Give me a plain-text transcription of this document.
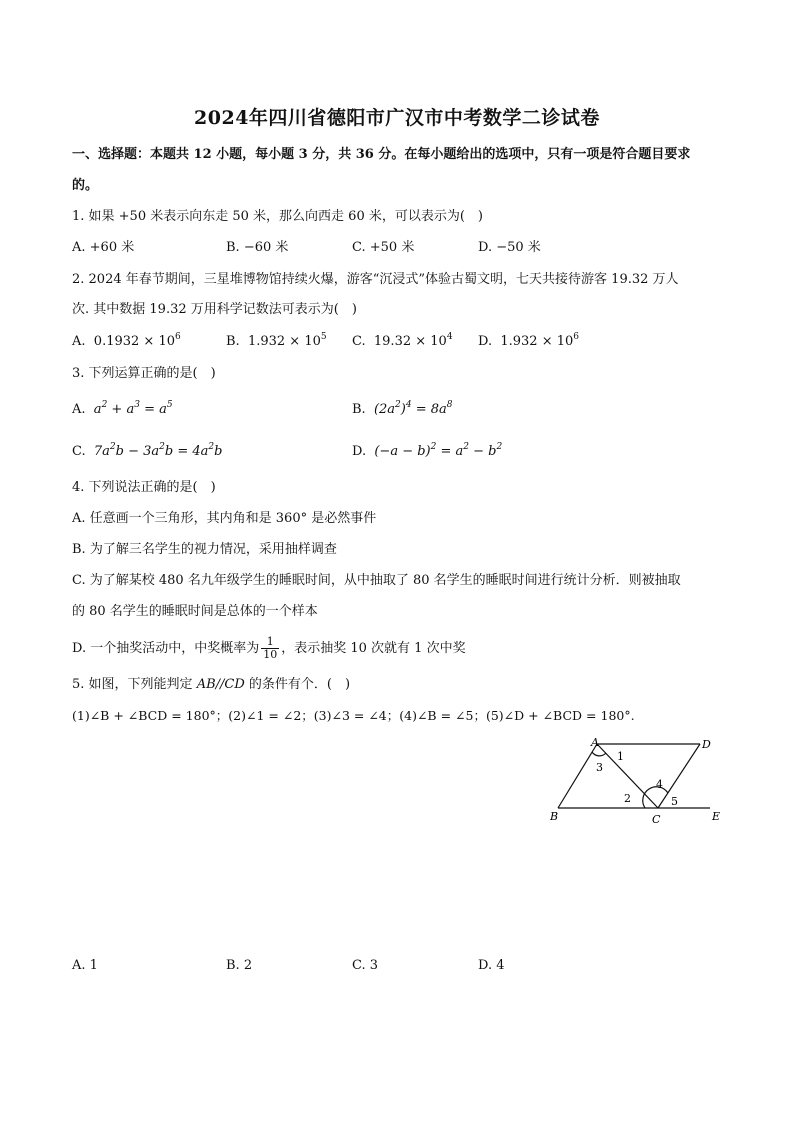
2024年四川省德阳市广汉市中考数学二诊试卷
一、选择题：本题共 12 小题，每小题 3 分，共 36 分。在每小题给出的选项中，只有一项是符合题目要求
的。
1. 如果 +50 米表示向东走 50 米，那么向西走 60 米，可以表示为(　)
A. +60 米	B. −60 米	C. +50 米	D. −50 米
2. 2024 年春节期间，三星堆博物馆持续火爆，游客“沉浸式”体验古蜀文明，七天共接待游客 19.32 万人
次. 其中数据 19.32 万用科学记数法可表示为(　)
A. $0.1932 \times 10^6$	B. $1.932 \times 10^5$ C. $19.32 \times 10^4$ D. $1.932 \times 10^6$
3. 下列运算正确的是(　)
A. $a^2 + a^3 = a^5$	B. $(2a^2)^4 = 8a^8$
C. $7a^2b - 3a^2b = 4a^2b$	D. $(-a - b)^2 = a^2 - b^2$
4. 下列说法正确的是(　)
A. 任意画一个三角形，其内角和是 360° 是必然事件
B. 为了解三名学生的视力情况，采用抽样调查
C. 为了解某校 480 名九年级学生的睡眠时间，从中抽取了 80 名学生的睡眠时间进行统计分析．则被抽取
的 80 名学生的睡眠时间是总体的一个样本
D. 一个抽奖活动中，中奖概率为 $\frac{1}{10}$ ，表示抽奖 10 次就有 1 次中奖
5. 如图，下列能判定 AB//CD 的条件有个．(　)
(1)∠B + ∠BCD = 180°；(2)∠1 = ∠2；(3)∠3 = ∠4；(4)∠B = ∠5；(5)∠D + ∠BCD = 180°.
A	D
B	C	E
1
2
3
4
5
A. 1	B. 2	C. 3	D. 4
